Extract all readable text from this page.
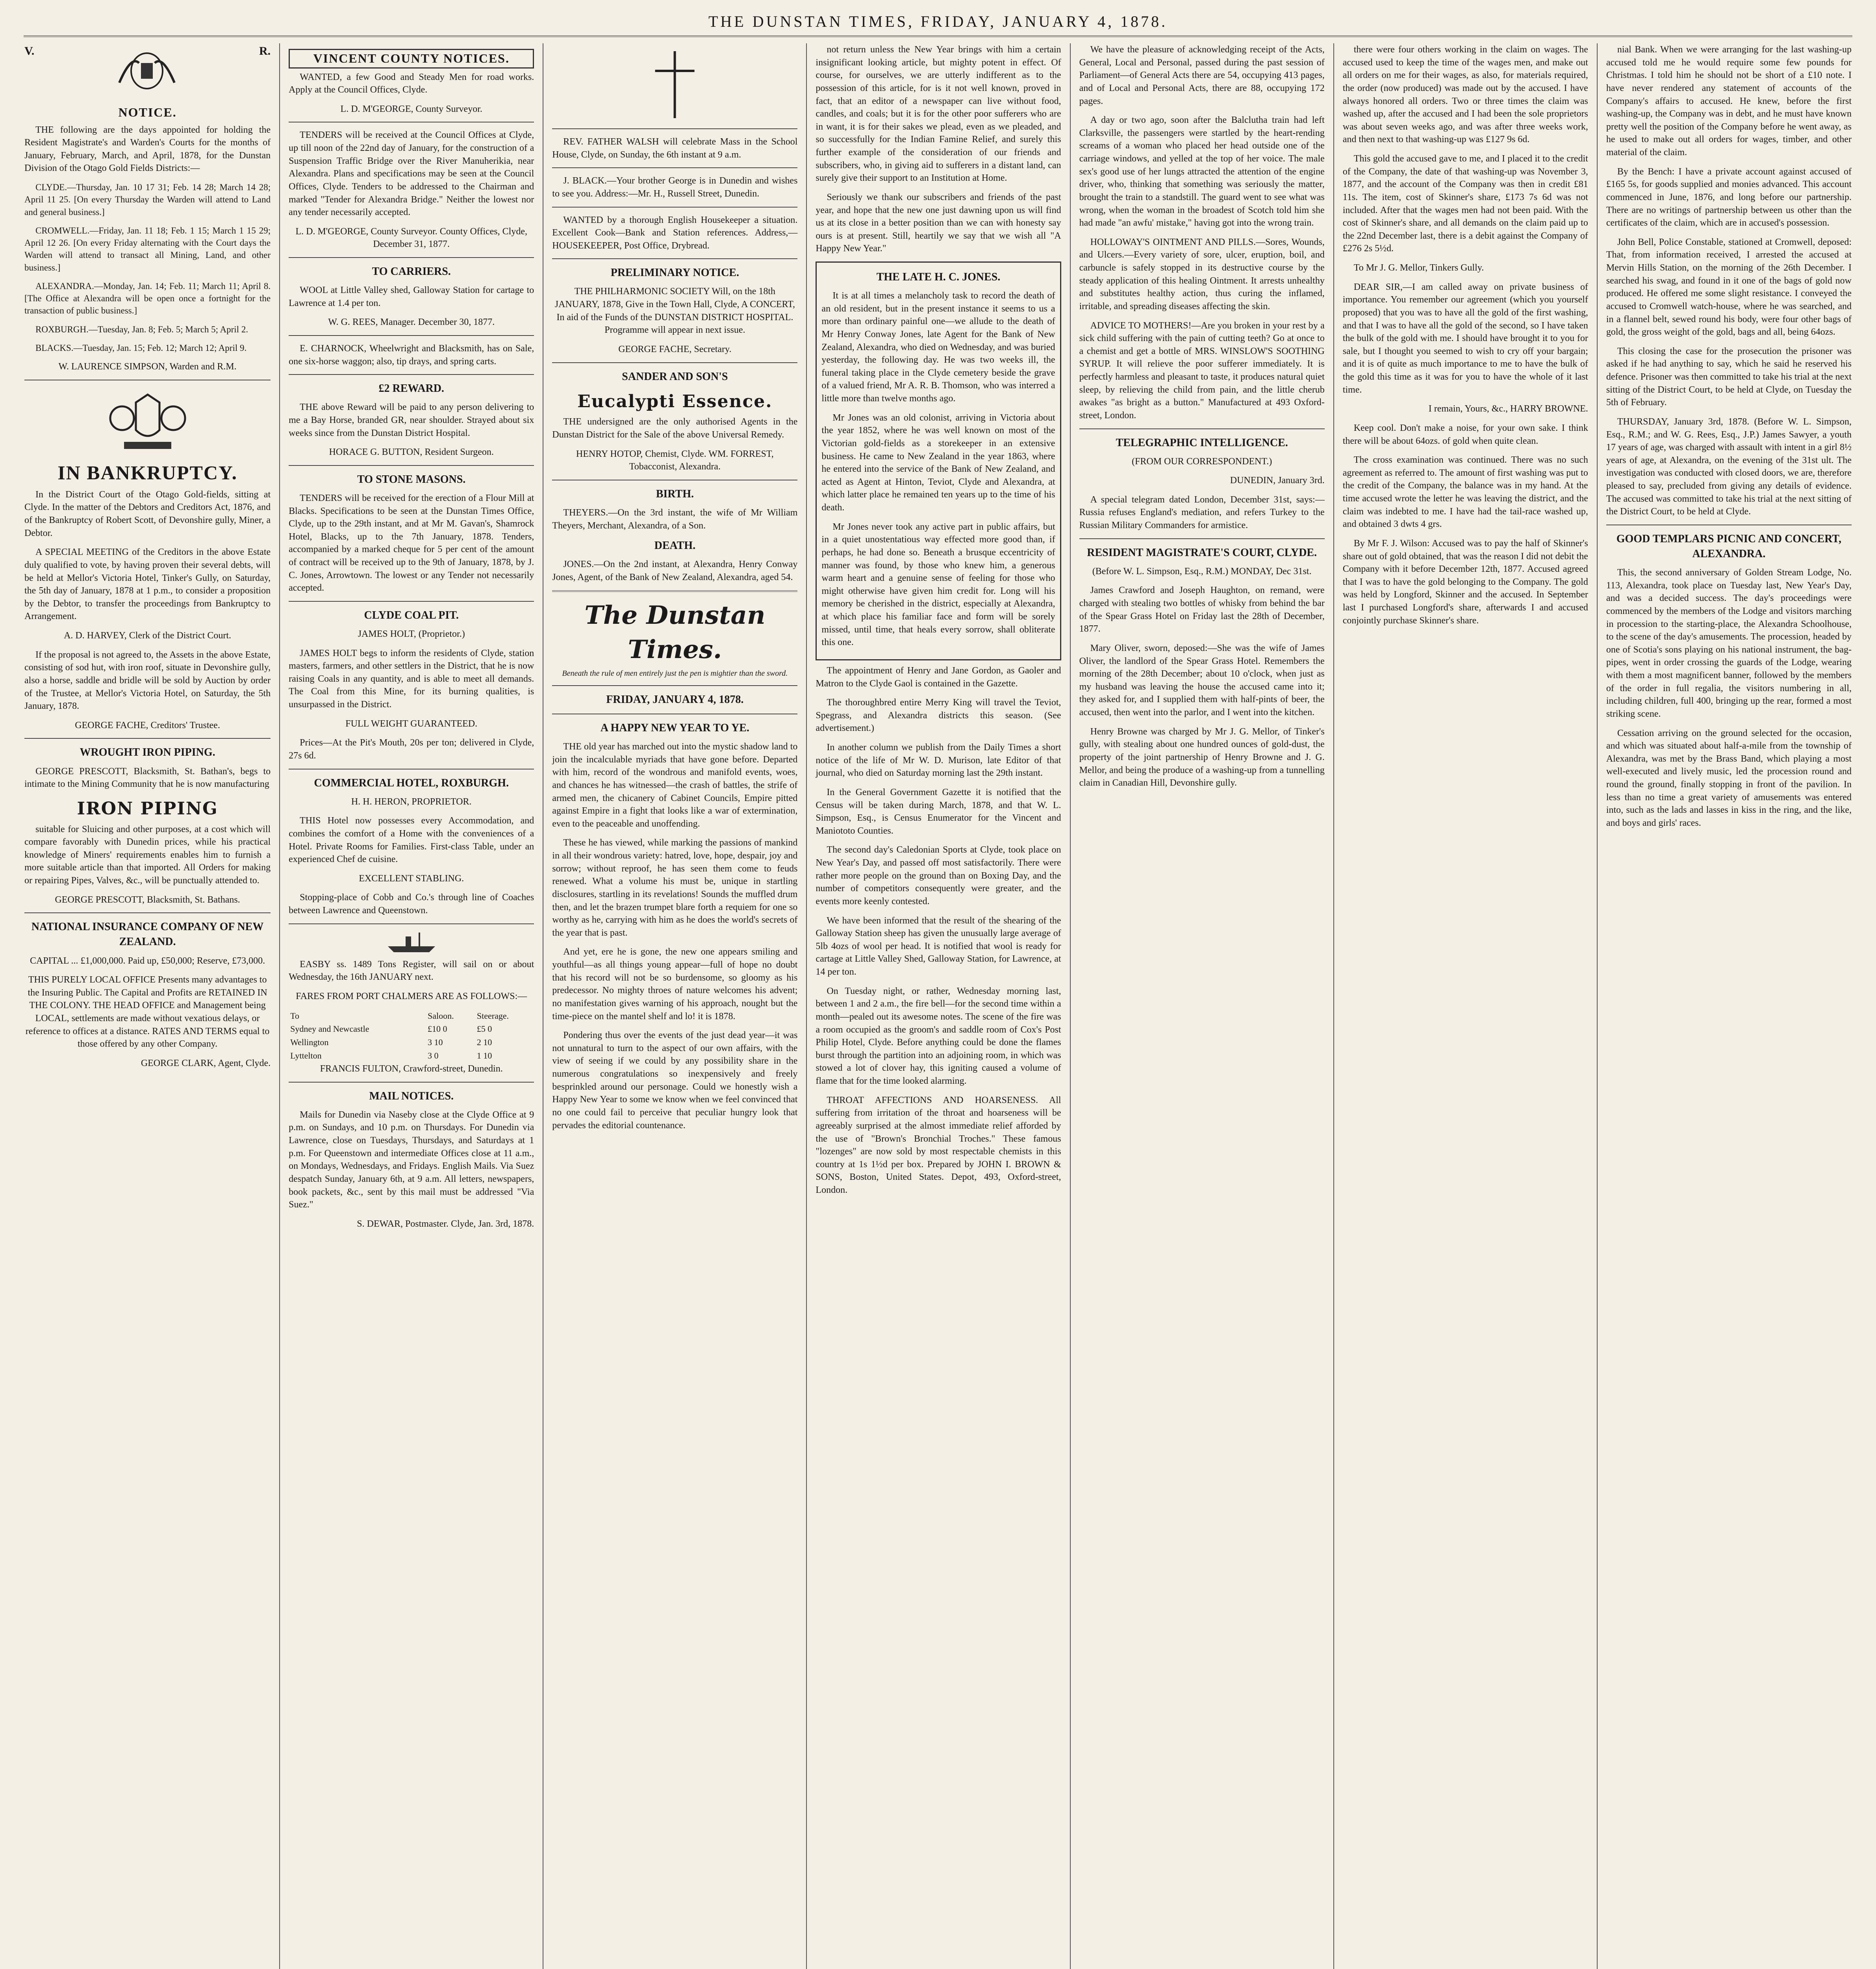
THE DUNSTAN TIMES, FRIDAY, JANUARY 4, 1878.
V.	R.
NOTICE.

THE following are the days appointed for holding the Resident Magistrate's and Warden's Courts for the months of January, February, March, and April, 1878, for the Dunstan Division of the Otago Gold Fields Districts:—

CLYDE.—Thursday, Jan. 10 17 31; Feb. 14 28; March 14 28; April 11 25. [On every Thursday the Warden will attend to Land and general business.]

CROMWELL.—Friday, Jan. 11 18; Feb. 1 15; March 1 15 29; April 12 26. [On every Friday alternating with the Court days the Warden will attend to transact all Mining, Land, and other business.]

ALEXANDRA.—Monday, Jan. 14; Feb. 11; March 11; April 8. [The Office at Alexandra will be open once a fortnight for the transaction of public business.]

ROXBURGH.—Tuesday, Jan. 8; Feb. 5; March 5; April 2.

BLACKS.—Tuesday, Jan. 15; Feb. 12; March 12; April 9.

W. LAURENCE SIMPSON, Warden and R.M.

IN BANKRUPTCY.

In the District Court of the Otago Gold-fields, sitting at Clyde. In the matter of the Debtors and Creditors Act, 1876, and of the Bankruptcy of Robert Scott, of Devonshire gully, Miner, a Debtor.

A SPECIAL MEETING of the Creditors in the above Estate duly qualified to vote, by having proven their several debts, will be held at Mellor's Victoria Hotel, Tinker's Gully, on Saturday, the 5th day of January, 1878 at 1 p.m., to consider a proposition by the Debtor, to transfer the proceedings from Bankruptcy to Arrangement.

A. D. HARVEY, Clerk of the District Court.

If the proposal is not agreed to, the Assets in the above Estate, consisting of sod hut, with iron roof, situate in Devonshire gully, also a horse, saddle and bridle will be sold by Auction by order of the Trustee, at Mellor's Victoria Hotel, on Saturday, the 5th January, 1878.

GEORGE FACHE, Creditors' Trustee.

WROUGHT IRON PIPING.

GEORGE PRESCOTT, Blacksmith, St. Bathan's, begs to intimate to the Mining Community that he is now manufacturing

IRON PIPING

suitable for Sluicing and other purposes, at a cost which will compare favorably with Dunedin prices, while his practical knowledge of Miners' requirements enables him to furnish a more suitable article than that imported. All Orders for making or repairing Pipes, Valves, &c., will be punctually attended to.

GEORGE PRESCOTT, Blacksmith, St. Bathans.

NATIONAL INSURANCE COMPANY OF NEW ZEALAND.

CAPITAL ... £1,000,000. Paid up, £50,000; Reserve, £73,000.

THIS PURELY LOCAL OFFICE Presents many advantages to the Insuring Public. The Capital and Profits are RETAINED IN THE COLONY. THE HEAD OFFICE and Management being LOCAL, settlements are made without vexatious delays, or reference to offices at a distance. RATES AND TERMS equal to those offered by any other Company.

GEORGE CLARK, Agent, Clyde.

VINCENT COUNTY NOTICES.

WANTED, a few Good and Steady Men for road works. Apply at the Council Offices, Clyde.

L. D. M'GEORGE, County Surveyor.

TENDERS will be received at the Council Offices at Clyde, up till noon of the 22nd day of January, for the construction of a Suspension Traffic Bridge over the River Manuherikia, near Alexandra. Plans and specifications may be seen at the Council Offices, Clyde. Tenders to be addressed to the Chairman and marked "Tender for Alexandra Bridge." Neither the lowest nor any tender necessarily accepted.

L. D. M'GEORGE, County Surveyor. County Offices, Clyde, December 31, 1877.

TO CARRIERS.

WOOL at Little Valley shed, Galloway Station for cartage to Lawrence at 1.4 per ton.

W. G. REES, Manager. December 30, 1877.

E. CHARNOCK, Wheelwright and Blacksmith, has on Sale, one six-horse waggon; also, tip drays, and spring carts.

£2 REWARD.

THE above Reward will be paid to any person delivering to me a Bay Horse, branded GR, near shoulder. Strayed about six weeks since from the Dunstan District Hospital.

HORACE G. BUTTON, Resident Surgeon.

TO STONE MASONS.

TENDERS will be received for the erection of a Flour Mill at Blacks. Specifications to be seen at the Dunstan Times Office, Clyde, up to the 29th instant, and at Mr M. Gavan's, Shamrock Hotel, Blacks, up to the 7th January, 1878. Tenders, accompanied by a marked cheque for 5 per cent of the amount of contract will be received up to the 9th of January, 1878, by J. C. Jones, Arrowtown. The lowest or any Tender not necessarily accepted.

CLYDE COAL PIT.

JAMES HOLT, (Proprietor.)

JAMES HOLT begs to inform the residents of Clyde, station masters, farmers, and other settlers in the District, that he is now raising Coals in any quantity, and is able to meet all demands. The Coal from this Mine, for its burning qualities, is unsurpassed in the District.

FULL WEIGHT GUARANTEED.

Prices—At the Pit's Mouth, 20s per ton; delivered in Clyde, 27s 6d.

COMMERCIAL HOTEL, ROXBURGH.

H. H. HERON, PROPRIETOR.

THIS Hotel now possesses every Accommodation, and combines the comfort of a Home with the conveniences of a Hotel. Private Rooms for Families. First-class Table, under an experienced Chef de cuisine.

EXCELLENT STABLING.

Stopping-place of Cobb and Co.'s through line of Coaches between Lawrence and Queenstown.

EASBY ss. 1489 Tons Register, will sail on or about Wednesday, the 16th JANUARY next.

FARES FROM PORT CHALMERS ARE AS FOLLOWS:—

To	Saloon.	Steerage.
Sydney and Newcastle	£10 0	£5 0
Wellington	3 10	2 10
Lyttelton	3 0	1 10

FRANCIS FULTON, Crawford-street, Dunedin.

MAIL NOTICES.

Mails for Dunedin via Naseby close at the Clyde Office at 9 p.m. on Sundays, and 10 p.m. on Thursdays. For Dunedin via Lawrence, close on Tuesdays, Thursdays, and Saturdays at 1 p.m. For Queenstown and intermediate Offices close at 11 a.m., on Mondays, Wednesdays, and Fridays. English Mails. Via Suez despatch Sunday, January 6th, at 9 a.m. All letters, newspapers, book packets, &c., sent by this mail must be addressed "Via Suez."

S. DEWAR, Postmaster. Clyde, Jan. 3rd, 1878.

REV. FATHER WALSH will celebrate Mass in the School House, Clyde, on Sunday, the 6th instant at 9 a.m.

J. BLACK.—Your brother George is in Dunedin and wishes to see you. Address:—Mr. H., Russell Street, Dunedin.

WANTED by a thorough English Housekeeper a situation. Excellent Cook—Bank and Station references. Address,—HOUSEKEEPER, Post Office, Drybread.

PRELIMINARY NOTICE.

THE PHILHARMONIC SOCIETY Will, on the 18th JANUARY, 1878, Give in the Town Hall, Clyde, A CONCERT, In aid of the Funds of the DUNSTAN DISTRICT HOSPITAL. Programme will appear in next issue.

GEORGE FACHE, Secretary.

SANDER AND SON'S
Eucalypti Essence.

THE undersigned are the only authorised Agents in the Dunstan District for the Sale of the above Universal Remedy.

HENRY HOTOP, Chemist, Clyde. WM. FORREST, Tobacconist, Alexandra.

BIRTH.

THEYERS.—On the 3rd instant, the wife of Mr William Theyers, Merchant, Alexandra, of a Son.

DEATH.

JONES.—On the 2nd instant, at Alexandra, Henry Conway Jones, Agent, of the Bank of New Zealand, Alexandra, aged 54.

The Dunstan Times.
Beneath the rule of men entirely just the pen is mightier than the sword.
FRIDAY, JANUARY 4, 1878.
A HAPPY NEW YEAR TO YE.

THE old year has marched out into the mystic shadow land to join the incalculable myriads that have gone before. Departed with him, record of the wondrous and manifold events, woes, and chances he has witnessed—the crash of battles, the strife of armed men, the chicanery of Cabinet Councils, Empire pitted against Empire in a fight that looks like a war of extermination, even to the peaceable and unoffending.

These he has viewed, while marking the passions of mankind in all their wondrous variety: hatred, love, hope, despair, joy and sorrow; without reproof, he has seen them come to feuds renewed. What a volume his must be, unique in startling disclosures, startling in its revelations! Sounds the muffled drum then, and let the brazen trumpet blare forth a requiem for one so worthy as he, carrying with him as he does the world's secrets of the year that is past.

And yet, ere he is gone, the new one appears smiling and youthful—as all things young appear—full of hope no doubt that his record will not be so burdensome, so gloomy as his predecessor. No mighty throes of nature welcomes his advent; no manifestation gives warning of his approach, nought but the time-piece on the mantel shelf and lo! it is 1878.

Pondering thus over the events of the just dead year—it was not unnatural to turn to the aspect of our own affairs, with the view of seeing if we could by any possibility share in the numerous congratulations so inexpensively and freely besprinkled around our personage. Could we honestly wish a Happy New Year to some we know when we feel convinced that no one could fail to perceive that peculiar hungry look that pervades the editorial countenance.

not return unless the New Year brings with him a certain insignificant looking article, but mighty potent in effect. Of course, for ourselves, we are utterly indifferent as to the possession of this article, for is it not well known, proved in fact, that an editor of a newspaper can live without food, candles, and coals; but it is for the other poor sufferers who are in want, it is for their sakes we plead, even as we pleaded, and so successfully for the Indian Famine Relief, and surely this further example of the consideration of our friends and subscribers, who, in giving aid to sufferers in a distant land, can surely give their support to an Institution at Home.

Seriously we thank our subscribers and friends of the past year, and hope that the new one just dawning upon us will find us at its close in a better position than we can with honesty say ours is at present. Still, heartily we say that we wish all "A Happy New Year."

THE LATE H. C. JONES.

It is at all times a melancholy task to record the death of an old resident, but in the present instance it seems to us a more than ordinary painful one—we allude to the death of Mr Henry Conway Jones, late Agent for the Bank of New Zealand, Alexandra, who died on Wednesday, and was buried yesterday, the following day. He was two weeks ill, the funeral taking place in the Clyde cemetery beside the grave of a valued friend, Mr A. R. B. Thomson, who was interred a little more than twelve months ago.

Mr Jones was an old colonist, arriving in Victoria about the year 1852, where he was well known on most of the Victorian gold-fields as a storekeeper in an extensive business. He came to New Zealand in the year 1863, where he entered into the service of the Bank of New Zealand, and acted as Agent at Hinton, Teviot, Clyde and Alexandra, at which latter place he remained ten years up to the time of his death.

Mr Jones never took any active part in public affairs, but in a quiet unostentatious way effected more good than, if perhaps, he had done so. Beneath a brusque eccentricity of manner was found, by those who knew him, a generous warm heart and a genuine sense of feeling for those who might otherwise have given him credit for. Long will his memory be cherished in the district, especially at Alexandra, at which place his familiar face and form will be sorely missed, until time, that heals every sorrow, shall obliterate this one.

The appointment of Henry and Jane Gordon, as Gaoler and Matron to the Clyde Gaol is contained in the Gazette.

The thoroughbred entire Merry King will travel the Teviot, Spegrass, and Alexandra districts this season. (See advertisement.)

In another column we publish from the Daily Times a short notice of the life of Mr W. D. Murison, late Editor of that journal, who died on Saturday morning last the 29th instant.

In the General Government Gazette it is notified that the Census will be taken during March, 1878, and that W. L. Simpson, Esq., is Census Enumerator for the Vincent and Maniototo Counties.

The second day's Caledonian Sports at Clyde, took place on New Year's Day, and passed off most satisfactorily. There were rather more people on the ground than on Boxing Day, and the number of competitors consequently were greater, and the events more keenly contested.

We have been informed that the result of the shearing of the Galloway Station sheep has given the unusually large average of 5lb 4ozs of wool per head. It is notified that wool is ready for cartage at Little Valley Shed, Galloway Station, for Lawrence, at 14 per ton.

On Tuesday night, or rather, Wednesday morning last, between 1 and 2 a.m., the fire bell—for the second time within a month—pealed out its awesome notes. The scene of the fire was a room occupied as the groom's and saddle room of Cox's Post Philip Hotel, Clyde. Before anything could be done the flames burst through the partition into an adjoining room, in which was stowed a lot of clover hay, this igniting caused a volume of flame that for the time looked alarming.

THROAT AFFECTIONS AND HOARSENESS. All suffering from irritation of the throat and hoarseness will be agreeably surprised at the almost immediate relief afforded by the use of "Brown's Bronchial Troches." These famous "lozenges" are now sold by most respectable chemists in this country at 1s 1½d per box. Prepared by JOHN I. BROWN & SONS, Boston, United States. Depot, 493, Oxford-street, London.

We have the pleasure of acknowledging receipt of the Acts, General, Local and Personal, passed during the past session of Parliament—of General Acts there are 54, occupying 413 pages, and of Local and Personal Acts, there are 88, occupying 172 pages.

A day or two ago, soon after the Balclutha train had left Clarksville, the passengers were startled by the heart-rending screams of a woman who placed her head outside one of the carriage windows, and yelled at the top of her voice. The male sex's good use of her lungs attracted the attention of the engine driver, who, thinking that something was seriously the matter, brought the train to a standstill. The guard went to see what was wrong, when the woman in the broadest of Scotch told him she had made "an awfu' mistake," having got into the wrong train.

HOLLOWAY'S OINTMENT AND PILLS.—Sores, Wounds, and Ulcers.—Every variety of sore, ulcer, eruption, boil, and carbuncle is safely stopped in its destructive course by the steady application of this healing Ointment. It arrests unhealthy and substitutes healthy action, thus curing the inflamed, irritable, and spreading diseases affecting the skin.

ADVICE TO MOTHERS!—Are you broken in your rest by a sick child suffering with the pain of cutting teeth? Go at once to a chemist and get a bottle of MRS. WINSLOW'S SOOTHING SYRUP. It will relieve the poor sufferer immediately. It is perfectly harmless and pleasant to taste, it produces natural quiet sleep, by relieving the child from pain, and the little cherub awakes "as bright as a button." Manufactured at 493 Oxford-street, London.

TELEGRAPHIC INTELLIGENCE.

(FROM OUR CORRESPONDENT.)

DUNEDIN, January 3rd.

A special telegram dated London, December 31st, says:— Russia refuses England's mediation, and refers Turkey to the Russian Military Commanders for armistice.

RESIDENT MAGISTRATE'S COURT, CLYDE.

(Before W. L. Simpson, Esq., R.M.) MONDAY, Dec 31st.

James Crawford and Joseph Haughton, on remand, were charged with stealing two bottles of whisky from behind the bar of the Spear Grass Hotel on Friday last the 28th of December, 1877.

Mary Oliver, sworn, deposed:—She was the wife of James Oliver, the landlord of the Spear Grass Hotel. Remembers the morning of the 28th December; about 10 o'clock, when just as my husband was leaving the house the accused came into it; they asked for, and I supplied them with half-pints of beer, the accused, then went into the parlor, and I went into the kitchen.

Henry Browne was charged by Mr J. G. Mellor, of Tinker's gully, with stealing about one hundred ounces of gold-dust, the property of the joint partnership of Henry Browne and J. G. Mellor, and being the produce of a washing-up from a tunnelling claim in Canadian Hill, Devonshire gully.

there were four others working in the claim on wages. The accused used to keep the time of the wages men, and make out all orders on me for their wages, as also, for materials required, the order (now produced) was made out by the accused. I have always honored all orders. Two or three times the claim was washed up, after the accused and I had been the sole proprietors was about seven weeks ago, and was after three weeks work, and then next to that washing-up was £127 9s 6d.

This gold the accused gave to me, and I placed it to the credit of the Company, the date of that washing-up was November 3, 1877, and the account of the Company was then in credit £81 11s. The item, cost of Skinner's share, £173 7s 6d was not included. After that the wages men had not been paid. With the cost of Skinner's share, and all demands on the claim paid up to the 22nd December last, there is a debit against the Company of £276 2s 5½d.

To Mr J. G. Mellor, Tinkers Gully.

DEAR SIR,—I am called away on private business of importance. You remember our agreement (which you yourself proposed) that you was to have all the gold of the first washing, and that I was to have all the gold of the second, so I have taken the bulk of the gold with me. I should have brought it to you for sale, but I thought you seemed to wish to cry off your bargain; and it is of quite as much importance to me to have the bulk of the gold this time as it was for you to have the whole of it last time.

I remain, Yours, &c., HARRY BROWNE.

Keep cool. Don't make a noise, for your own sake. I think there will be about 64ozs. of gold when quite clean.

The cross examination was continued. There was no such agreement as referred to. The amount of first washing was put to the credit of the Company, the balance was in my hand. At the time accused wrote the letter he was leaving the district, and the claim was indebted to me. I have had the tail-race washed up, and obtained 3 dwts 4 grs.

By Mr F. J. Wilson: Accused was to pay the half of Skinner's share out of gold obtained, that was the reason I did not debit the Company with it before December 12th, 1877. Accused agreed that I was to have the gold belonging to the Company. The gold was held by Longford, Skinner and the accused. In September last I purchased Longford's share, afterwards I and accused conjointly purchase Skinner's share.

nial Bank. When we were arranging for the last washing-up accused told me he would require some few pounds for Christmas. I told him he should not be short of a £10 note. I have never rendered any statement of accounts of the Company's affairs to accused. He knew, before the first washing-up, the Company was in debt, and he must have known pretty well the position of the Company before he went away, as he used to make out all orders for wages, timber, and other material of the claim.

By the Bench: I have a private account against accused of £165 5s, for goods supplied and monies advanced. This account commenced in June, 1876, and long before our partnership. There are no writings of partnership between us other than the certificates of the claim, which are in accused's possession.

John Bell, Police Constable, stationed at Cromwell, deposed: That, from information received, I arrested the accused at Mervin Hills Station, on the morning of the 26th December. I searched his swag, and found in it one of the bags of gold now produced. He offered me some slight resistance. I conveyed the accused to Cromwell watch-house, where he was searched, and in a flannel belt, sewed round his body, were four other bags of gold, the gross weight of the gold, bags and all, being 64ozs.

This closing the case for the prosecution the prisoner was asked if he had anything to say, which he said he reserved his defence. Prisoner was then committed to take his trial at the next sitting of the District Court, to be held at Clyde, on Tuesday the 5th of February.

THURSDAY, January 3rd, 1878. (Before W. L. Simpson, Esq., R.M.; and W. G. Rees, Esq., J.P.) James Sawyer, a youth 17 years of age, was charged with assault with intent in a girl 8½ years of age, at Alexandra, on the evening of the 31st ult. The investigation was conducted with closed doors, we are, therefore pleased to say, precluded from giving any details of evidence. The accused was committed to take his trial at the next sitting of the District Court, to be held at Clyde.

GOOD TEMPLARS PICNIC AND CONCERT, ALEXANDRA.

This, the second anniversary of Golden Stream Lodge, No. 113, Alexandra, took place on Tuesday last, New Year's Day, and was a decided success. The day's proceedings were commenced by the members of the Lodge and visitors marching in procession to the starting-place, the Alexandra Schoolhouse, to the scene of the day's amusements. The procession, headed by one of Scotia's sons playing on his national instrument, the bag-pipes, went in order crossing the guards of the Lodge, wearing with them a most magnificent banner, followed by the members of the order in full regalia, the visitors numbering in all, including children, full 400, bringing up the rear, formed a most striking scene.

Cessation arriving on the ground selected for the occasion, and which was situated about half-a-mile from the township of Alexandra, was met by the Brass Band, which playing a most well-executed and lively music, led the procession round and round the ground, finally stopping in front of the pavilion. In less than no time a great variety of amusements was entered into, such as the lads and lasses in kiss in the ring, and the like, and boys and girls' races.
